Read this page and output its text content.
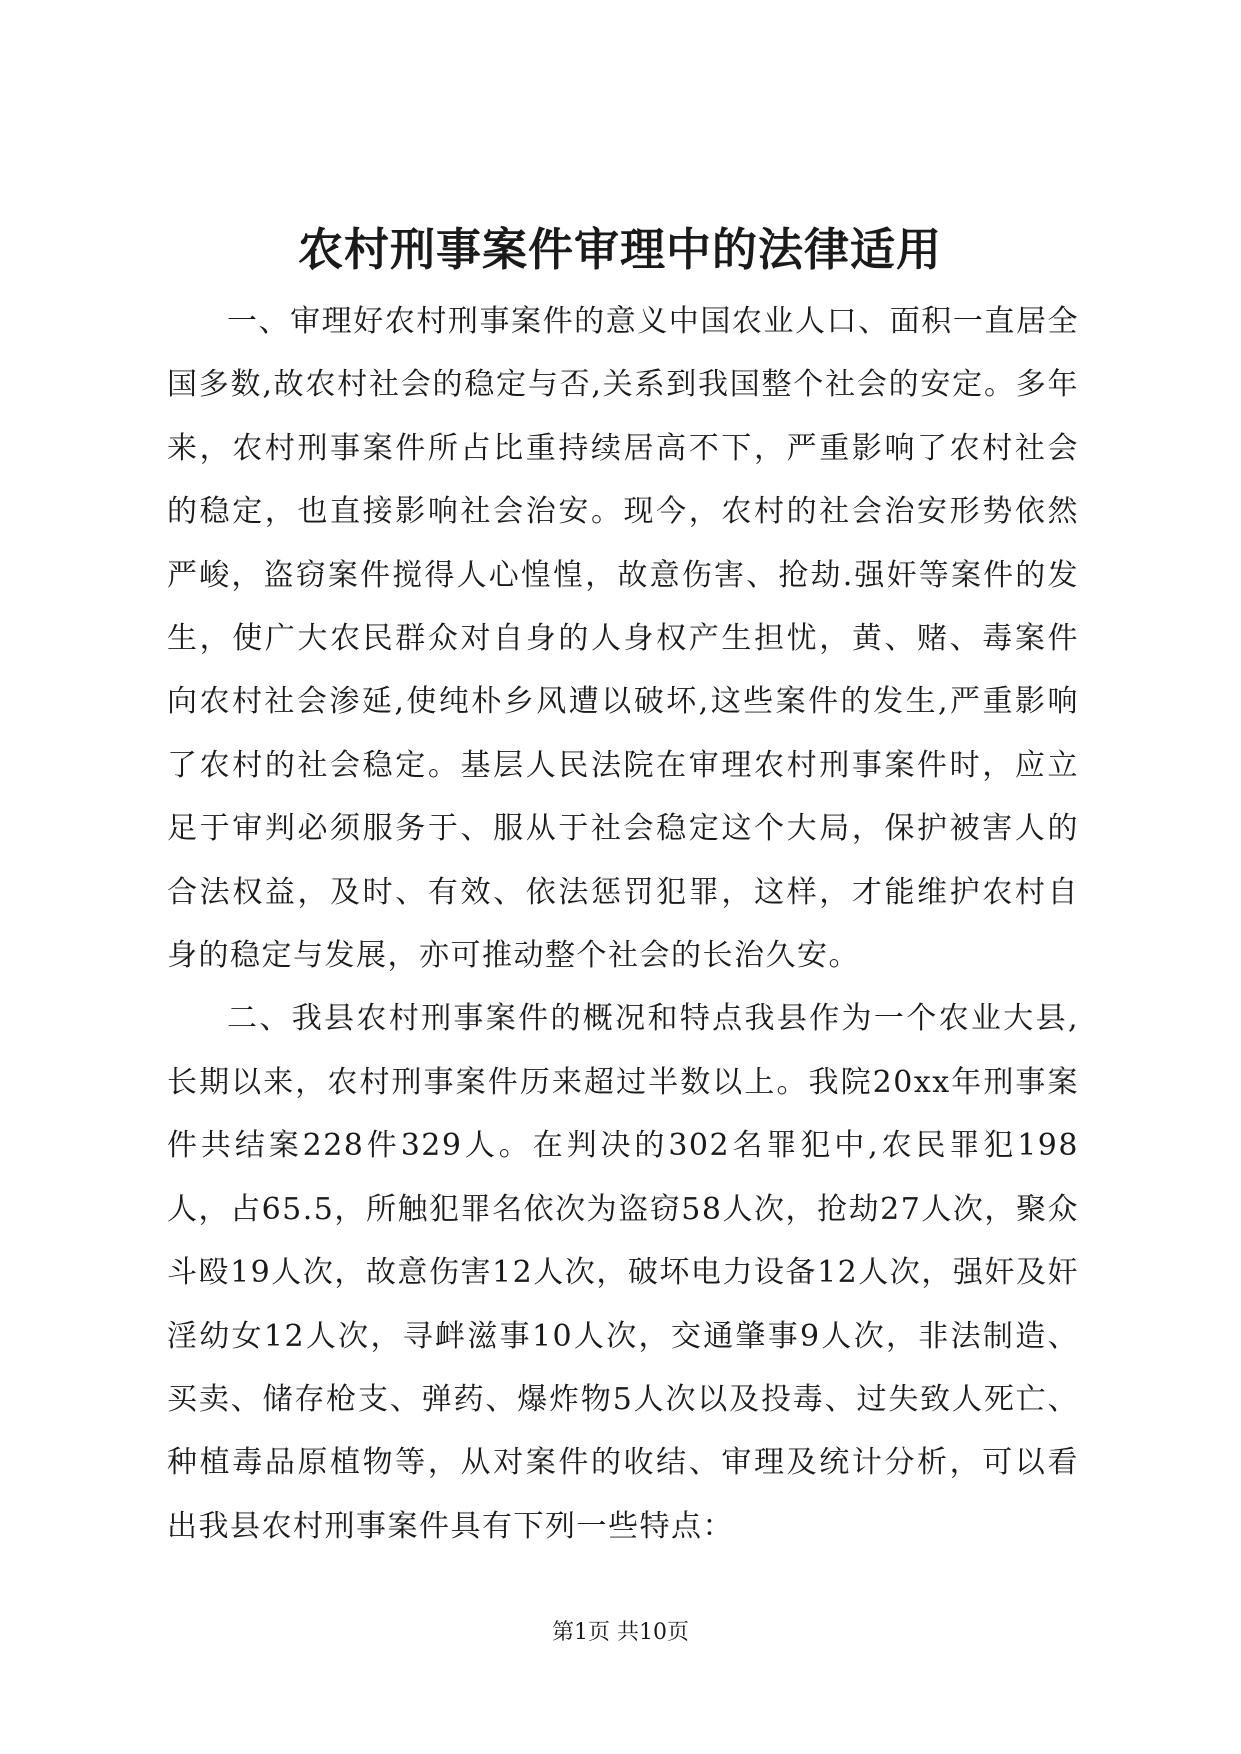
农村刑事案件审理中的法律适用

一、审理好农村刑事案件的意义中国农业人口、面积一直居全国多数,故农村社会的稳定与否,关系到我国整个社会的安定。多年来，农村刑事案件所占比重持续居高不下，严重影响了农村社会的稳定，也直接影响社会治安。现今，农村的社会治安形势依然严峻，盗窃案件搅得人心惶惶，故意伤害、抢劫.强奸等案件的发生，使广大农民群众对自身的人身权产生担忧，黄、赌、毒案件向农村社会渗延,使纯朴乡风遭以破坏,这些案件的发生,严重影响了农村的社会稳定。基层人民法院在审理农村刑事案件时，应立足于审判必须服务于、服从于社会稳定这个大局，保护被害人的合法权益，及时、有效、依法惩罚犯罪，这样，才能维护农村自身的稳定与发展，亦可推动整个社会的长治久安。

二、我县农村刑事案件的概况和特点我县作为一个农业大县,长期以来，农村刑事案件历来超过半数以上。我院20xx年刑事案件共结案228件329人。在判决的302名罪犯中,农民罪犯198人，占65.5，所触犯罪名依次为盗窃58人次，抢劫27人次，聚众斗殴19人次，故意伤害12人次，破坏电力设备12人次，强奸及奸淫幼女12人次，寻衅滋事10人次，交通肇事9人次，非法制造、买卖、储存枪支、弹药、爆炸物5人次以及投毒、过失致人死亡、种植毒品原植物等，从对案件的收结、审理及统计分析，可以看出我县农村刑事案件具有下列一些特点：

第1页 共10页
